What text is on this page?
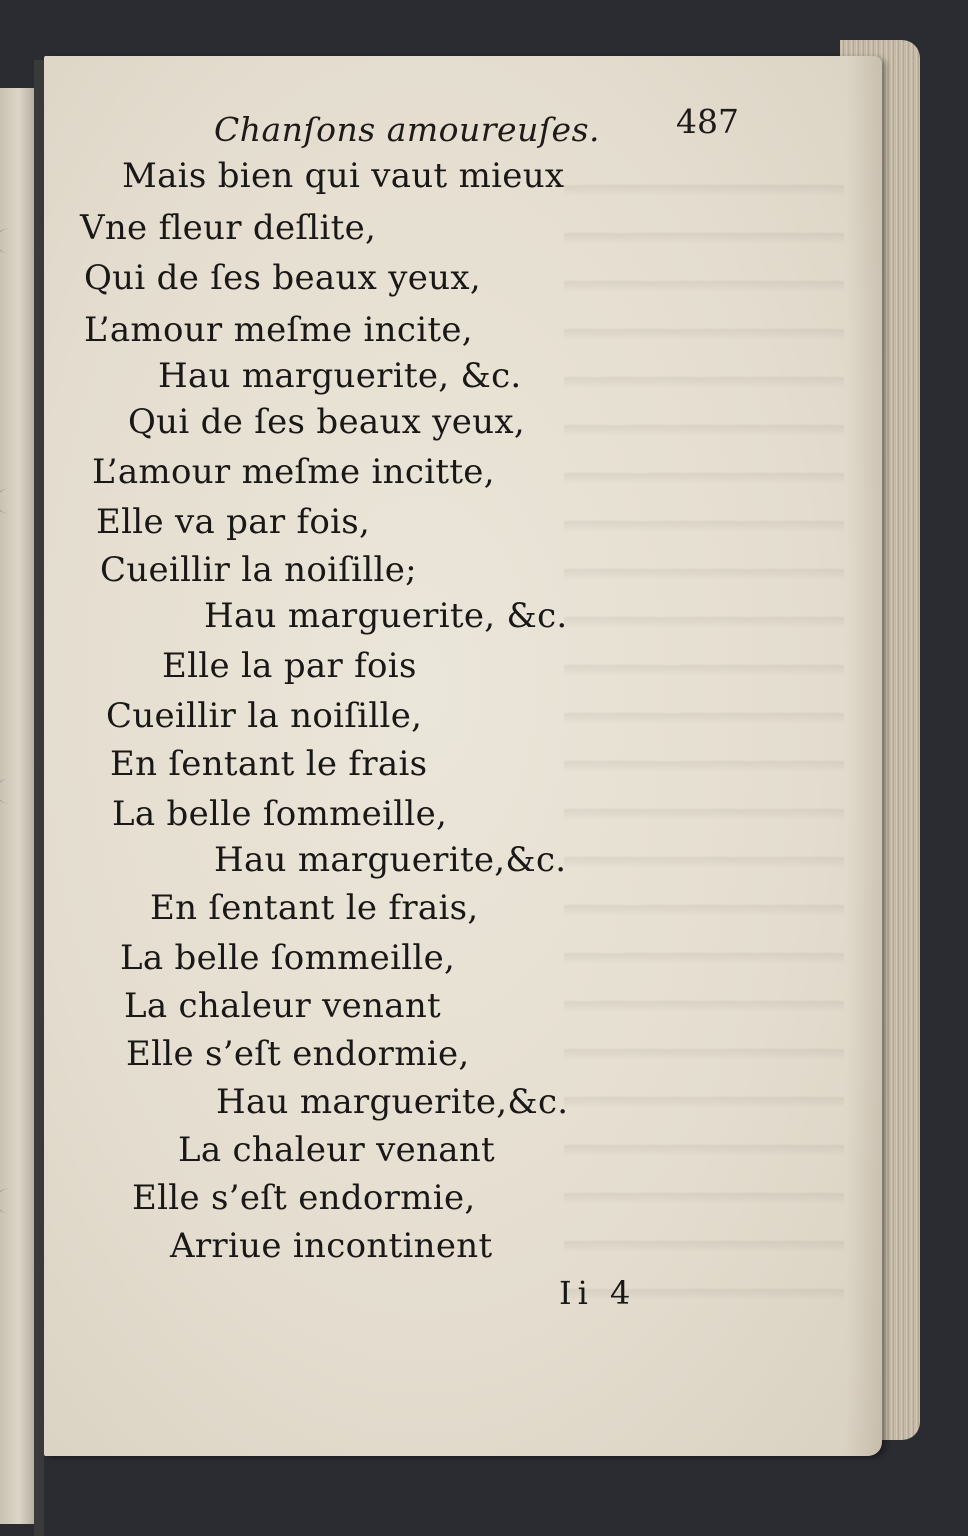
Chanſons amoureuſes. 487
Mais bien qui vaut mieux
Vne fleur deſlite,
Qui de ſes beaux yeux,
L’amour meſme incite,
Hau marguerite, &c.
Qui de ſes beaux yeux,
L’amour meſme incitte,
Elle va par fois,
Cueillir la noiſille;
Hau marguerite, &c.
Elle la par fois
Cueillir la noiſille,
En ſentant le frais
La belle ſommeille,
Hau marguerite,&c.
En ſentant le frais,
La belle ſommeille,
La chaleur venant
Elle s’eſt endormie,
Hau marguerite,&c.
La chaleur venant
Elle s’eſt endormie,
Arriue incontinent
Ii 4
